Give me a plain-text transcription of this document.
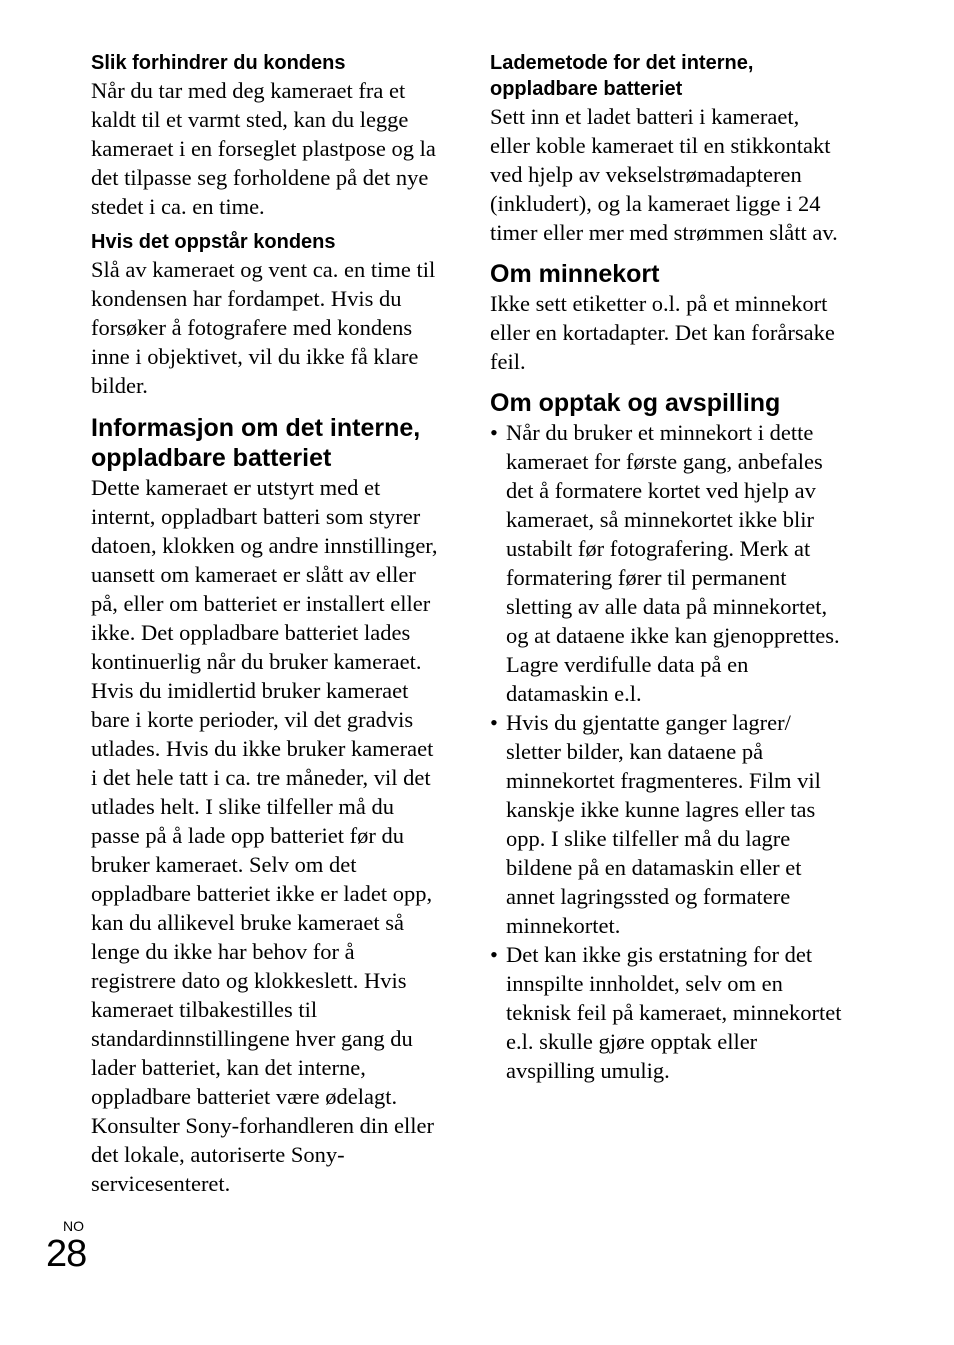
Slik forhindrer du kondens

Når du tar med deg kameraet fra et kaldt til et varmt sted, kan du legge kameraet i en forseglet plastpose og la det tilpasse seg forholdene på det nye stedet i ca. en time.

Hvis det oppstår kondens

Slå av kameraet og vent ca. en time til kondensen har fordampet. Hvis du forsøker å fotografere med kondens inne i objektivet, vil du ikke få klare bilder.

Informasjon om det interne, oppladbare batteriet

Dette kameraet er utstyrt med et internt, oppladbart batteri som styrer datoen, klokken og andre innstillinger, uansett om kameraet er slått av eller på, eller om batteriet er installert eller ikke. Det oppladbare batteriet lades kontinuerlig når du bruker kameraet. Hvis du imidlertid bruker kameraet bare i korte perioder, vil det gradvis utlades. Hvis du ikke bruker kameraet i det hele tatt i ca. tre måneder, vil det utlades helt. I slike tilfeller må du passe på å lade opp batteriet før du bruker kameraet. Selv om det oppladbare batteriet ikke er ladet opp, kan du allikevel bruke kameraet så lenge du ikke har behov for å registrere dato og klokkeslett. Hvis kameraet tilbakestilles til standardinnstillingene hver gang du lader batteriet, kan det interne, oppladbare batteriet være ødelagt. Konsulter Sony-forhandleren din eller det lokale, autoriserte Sony-servicesenteret.

Lademetode for det interne, oppladbare batteriet

Sett inn et ladet batteri i kameraet, eller koble kameraet til en stikkontakt ved hjelp av vekselstrømadapteren (inkludert), og la kameraet ligge i 24 timer eller mer med strømmen slått av.

Om minnekort

Ikke sett etiketter o.l. på et minnekort eller en kortadapter. Det kan forårsake feil.

Om opptak og avspilling
• Når du bruker et minnekort i dette kameraet for første gang, anbefales det å formatere kortet ved hjelp av kameraet, så minnekortet ikke blir ustabilt før fotografering. Merk at formatering fører til permanent sletting av alle data på minnekortet, og at dataene ikke kan gjenopprettes. Lagre verdifulle data på en datamaskin e.l.
• Hvis du gjentatte ganger lagrer/ sletter bilder, kan dataene på minnekortet fragmenteres. Film vil kanskje ikke kunne lagres eller tas opp. I slike tilfeller må du lagre bildene på en datamaskin eller et annet lagringssted og formatere minnekortet.
• Det kan ikke gis erstatning for det innspilte innholdet, selv om en teknisk feil på kameraet, minnekortet e.l. skulle gjøre opptak eller avspilling umulig.
NO
28
